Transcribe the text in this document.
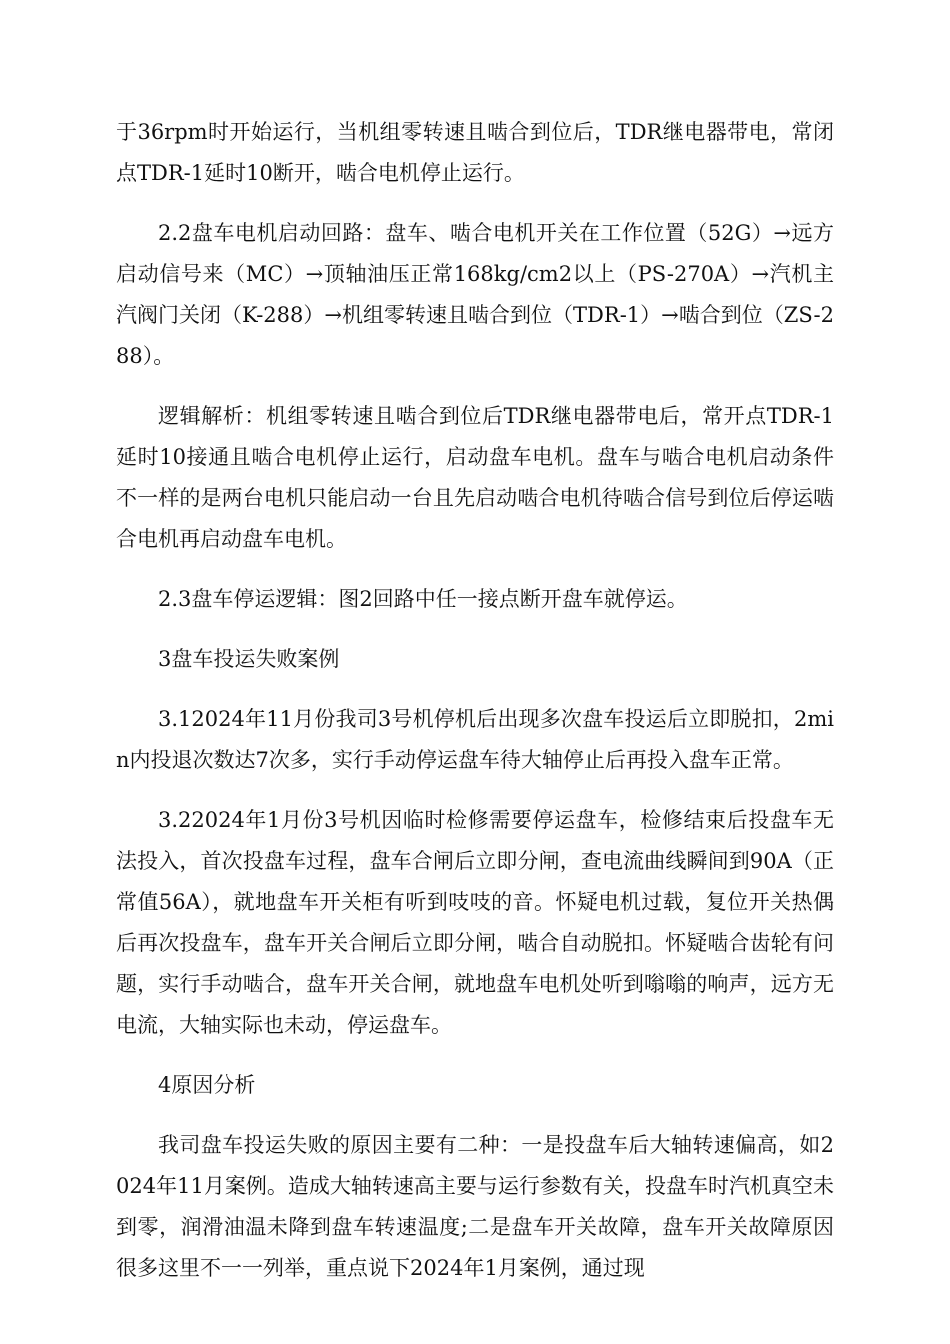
于36rpm时开始运行，当机组零转速且啮合到位后，TDR继电器带电，常闭点TDR-1延时10断开，啮合电机停止运行。

2.2盘车电机启动回路：盘车、啮合电机开关在工作位置（52G）→远方启动信号来（MC）→顶轴油压正常168kg/cm2以上（PS-270A）→汽机主汽阀门关闭（K-288）→机组零转速且啮合到位（TDR-1）→啮合到位（ZS-288）。

逻辑解析：机组零转速且啮合到位后TDR继电器带电后，常开点TDR-1延时10接通且啮合电机停止运行，启动盘车电机。盘车与啮合电机启动条件不一样的是两台电机只能启动一台且先启动啮合电机待啮合信号到位后停运啮合电机再启动盘车电机。

2.3盘车停运逻辑：图2回路中任一接点断开盘车就停运。

3盘车投运失败案例

3.12024年11月份我司3号机停机后出现多次盘车投运后立即脱扣，2min内投退次数达7次多，实行手动停运盘车待大轴停止后再投入盘车正常。

3.22024年1月份3号机因临时检修需要停运盘车，检修结束后投盘车无法投入，首次投盘车过程，盘车合闸后立即分闸，查电流曲线瞬间到90A（正常值56A），就地盘车开关柜有听到吱吱的音。怀疑电机过载，复位开关热偶后再次投盘车，盘车开关合闸后立即分闸，啮合自动脱扣。怀疑啮合齿轮有问题，实行手动啮合，盘车开关合闸，就地盘车电机处听到嗡嗡的响声，远方无电流，大轴实际也未动，停运盘车。

4原因分析

我司盘车投运失败的原因主要有二种：一是投盘车后大轴转速偏高，如2024年11月案例。造成大轴转速高主要与运行参数有关，投盘车时汽机真空未到零，润滑油温未降到盘车转速温度;二是盘车开关故障，盘车开关故障原因很多这里不一一列举，重点说下2024年1月案例，通过现
